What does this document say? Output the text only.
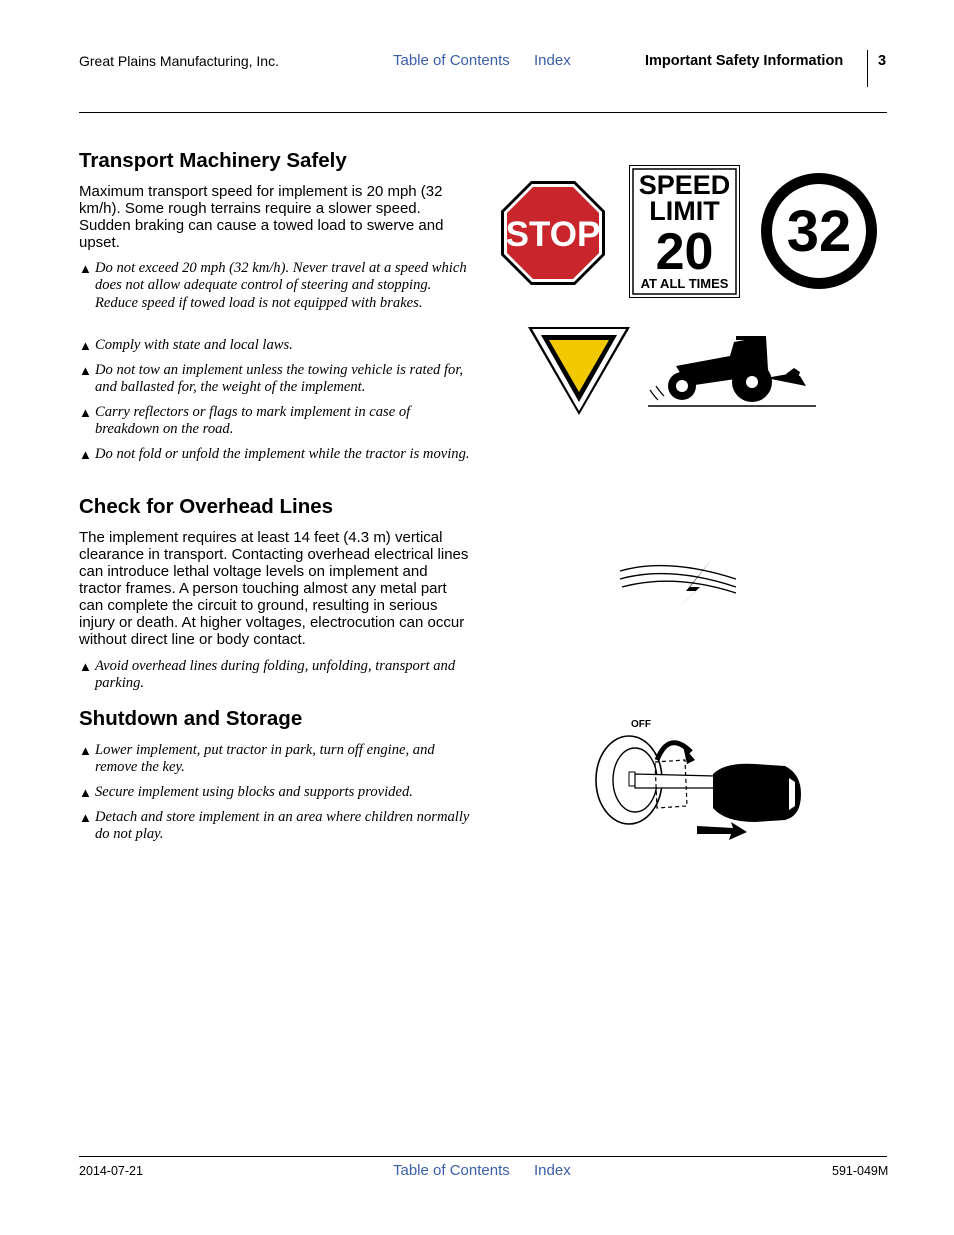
Great Plains Manufacturing, Inc.	Table of Contents Index	Important Safety Information 3
Transport Machinery Safely

Maximum transport speed for implement is 20 mph (32 km/h). Some rough terrains require a slower speed. Sudden braking can cause a towed load to swerve and upset.

▲ Do not exceed 20 mph (32 km/h). Never travel at a speed which does not allow adequate control of steering and stopping. Reduce speed if towed load is not equipped with brakes.
▲ Comply with state and local laws.
▲ Do not tow an implement unless the towing vehicle is rated for, and ballasted for, the weight of the implement.
▲ Carry reflectors or flags to mark implement in case of breakdown on the road.
▲ Do not fold or unfold the implement while the tractor is moving.
Check for Overhead Lines

The implement requires at least 14 feet (4.3 m) vertical clearance in transport. Contacting overhead electrical lines can introduce lethal voltage levels on implement and tractor frames. A person touching almost any metal part can complete the circuit to ground, resulting in serious injury or death. At higher voltages, electrocution can occur without direct line or body contact.

▲ Avoid overhead lines during folding, unfolding, transport and parking.
Shutdown and Storage
▲ Lower implement, put tractor in park, turn off engine, and remove the key.
▲ Secure implement using blocks and supports provided.
▲ Detach and store implement in an area where children normally do not play.
STOP
SPEED
LIMIT
20
AT ALL TIMES
32
OFF
2014-07-21	Table of Contents Index	591-049M
